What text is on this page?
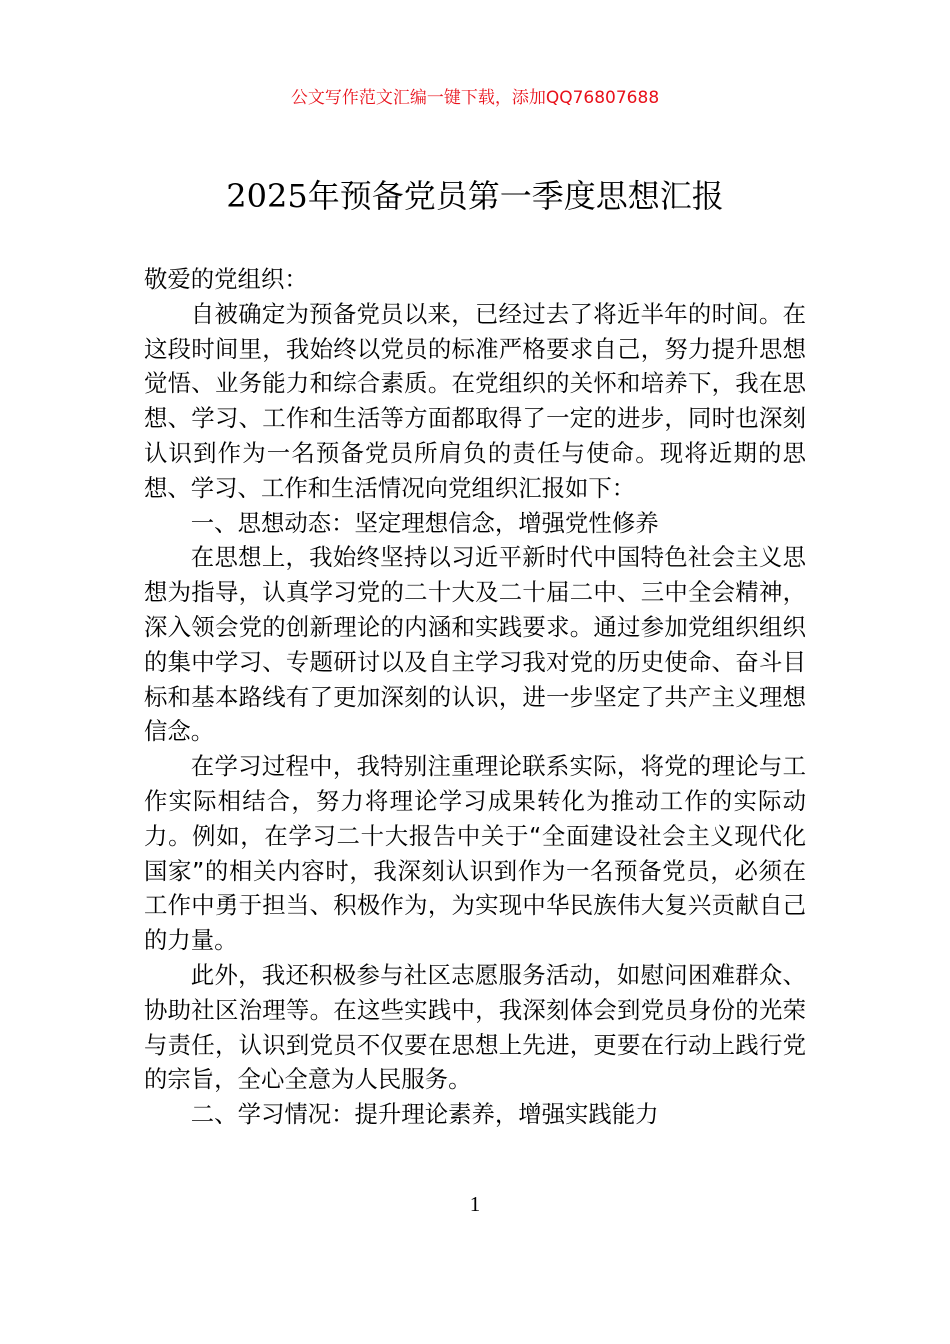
公文写作范文汇编一键下载，添加QQ76807688
2025年预备党员第一季度思想汇报

敬爱的党组织：

自被确定为预备党员以来，已经过去了将近半年的时间。在这段时间里，我始终以党员的标准严格要求自己，努力提升思想觉悟、业务能力和综合素质。在党组织的关怀和培养下，我在思想、学习、工作和生活等方面都取得了一定的进步，同时也深刻认识到作为一名预备党员所肩负的责任与使命。现将近期的思想、学习、工作和生活情况向党组织汇报如下：

一、思想动态：坚定理想信念，增强党性修养

在思想上，我始终坚持以习近平新时代中国特色社会主义思想为指导，认真学习党的二十大及二十届二中、三中全会精神，深入领会党的创新理论的内涵和实践要求。通过参加党组织组织的集中学习、专题研讨以及自主学习我对党的历史使命、奋斗目标和基本路线有了更加深刻的认识，进一步坚定了共产主义理想信念。

在学习过程中，我特别注重理论联系实际，将党的理论与工作实际相结合，努力将理论学习成果转化为推动工作的实际动力。例如，在学习二十大报告中关于“全面建设社会主义现代化国家”的相关内容时，我深刻认识到作为一名预备党员，必须在工作中勇于担当、积极作为，为实现中华民族伟大复兴贡献自己的力量。

此外，我还积极参与社区志愿服务活动，如慰问困难群众、协助社区治理等。在这些实践中，我深刻体会到党员身份的光荣与责任，认识到党员不仅要在思想上先进，更要在行动上践行党的宗旨，全心全意为人民服务。

二、学习情况：提升理论素养，增强实践能力

1
